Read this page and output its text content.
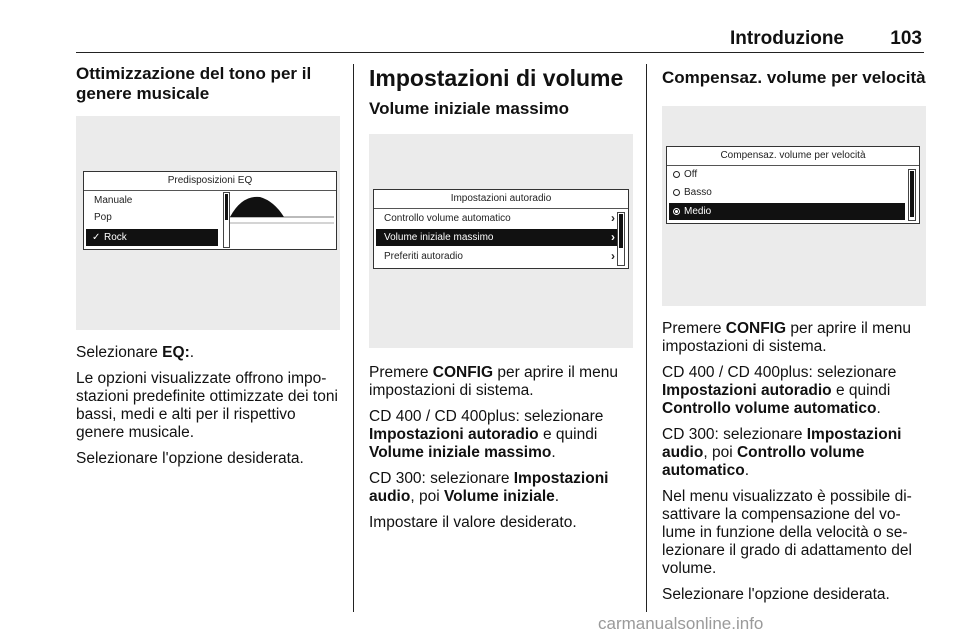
Introduzione 103
Ottimizzazione del tono per il genere musicale
Predisposizioni EQ
Manuale
Pop
✓ Rock

Selezionare EQ:.

Le opzioni visualizzate offrono impo- stazioni predefinite ottimizzate dei toni bassi, medi e alti per il rispettivo genere musicale.

Selezionare l'opzione desiderata.

Impostazioni di volume
Volume iniziale massimo
Impostazioni autoradio
Controllo volume automatico	›
Volume iniziale massimo	›
Preferiti autoradio	›

Premere CONFIG per aprire il menu impostazioni di sistema.

CD 400 / CD 400plus: selezionare Impostazioni autoradio e quindi Volume iniziale massimo.

CD 300: selezionare Impostazioni audio, poi Volume iniziale.

Impostare il valore desiderato.

Compensaz. volume per velocità
Compensaz. volume per velocità
Off
Basso
Medio

Premere CONFIG per aprire il menu impostazioni di sistema.

CD 400 / CD 400plus: selezionare Impostazioni autoradio e quindi Controllo volume automatico.

CD 300: selezionare Impostazioni audio, poi Controllo volume automatico.

Nel menu visualizzato è possibile di- sattivare la compensazione del vo- lume in funzione della velocità o se- lezionare il grado di adattamento del volume.

Selezionare l'opzione desiderata.

carmanualsonline.info
